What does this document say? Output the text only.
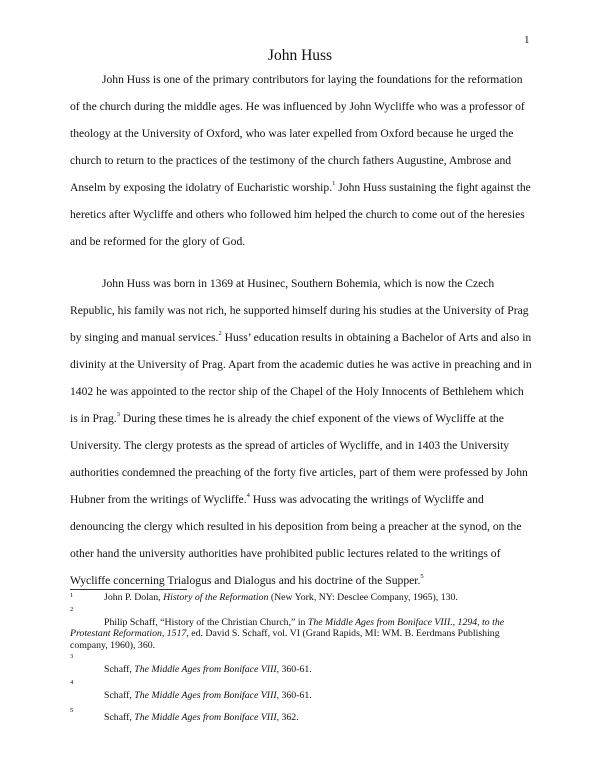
1
John Huss

John Huss is one of the primary contributors for laying the foundations for the reformation of the church during the middle ages. He was influenced by John Wycliffe who was a professor of theology at the University of Oxford, who was later expelled from Oxford because he urged the church to return to the practices of the testimony of the church fathers Augustine, Ambrose and Anselm by exposing the idolatry of Eucharistic worship.$^1$ John Huss sustaining the fight against the heretics after Wycliffe and others who followed him helped the church to come out of the heresies and be reformed for the glory of God.

John Huss was born in 1369 at Husinec, Southern Bohemia, which is now the Czech Republic, his family was not rich, he supported himself during his studies at the University of Prag by singing and manual services.$^2$ Huss’ education results in obtaining a Bachelor of Arts and also in divinity at the University of Prag. Apart from the academic duties he was active in preaching and in 1402 he was appointed to the rector ship of the Chapel of the Holy Innocents of Bethlehem which is in Prag.$^3$ During these times he is already the chief exponent of the views of Wycliffe at the University. The clergy protests as the spread of articles of Wycliffe, and in 1403 the University authorities condemned the preaching of the forty five articles, part of them were professed by John Hubner from the writings of Wycliffe.$^4$ Huss was advocating the writings of Wycliffe and denouncing the clergy which resulted in his deposition from being a preacher at the synod, on the other hand the university authorities have prohibited public lectures related to the writings of Wycliffe concerning Trialogus and Dialogus and his doctrine of the Supper.$^5$

1	John P. Dolan, History of the Reformation (New York, NY: Desclee Company, 1965), 130.
2
Philip Schaff, “History of the Christian Church,” in The Middle Ages from Boniface VIII., 1294, to the Protestant Reformation, 1517, ed. David S. Schaff, vol. VI (Grand Rapids, MI: WM. B. Eerdmans Publishing company, 1960), 360.
3
Schaff, The Middle Ages from Boniface VIII, 360-61.
4
Schaff, The Middle Ages from Boniface VIII, 360-61.
5
Schaff, The Middle Ages from Boniface VIII, 362.
